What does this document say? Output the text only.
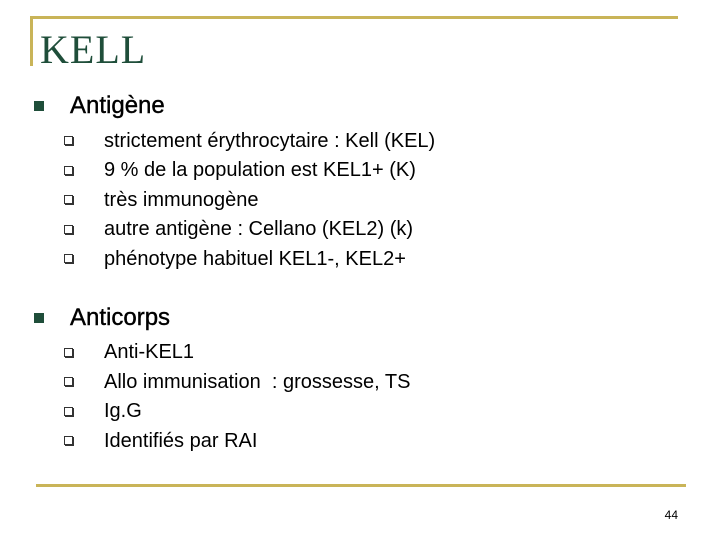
KELL
Antigène
strictement érythrocytaire : Kell (KEL)
9 % de la population est KEL1+ (K)
très immunogène
autre antigène : Cellano (KEL2) (k)
phénotype habituel KEL1-, KEL2+
Anticorps
Anti-KEL1
Allo immunisation  : grossesse, TS
Ig.G
Identifiés par RAI
44
